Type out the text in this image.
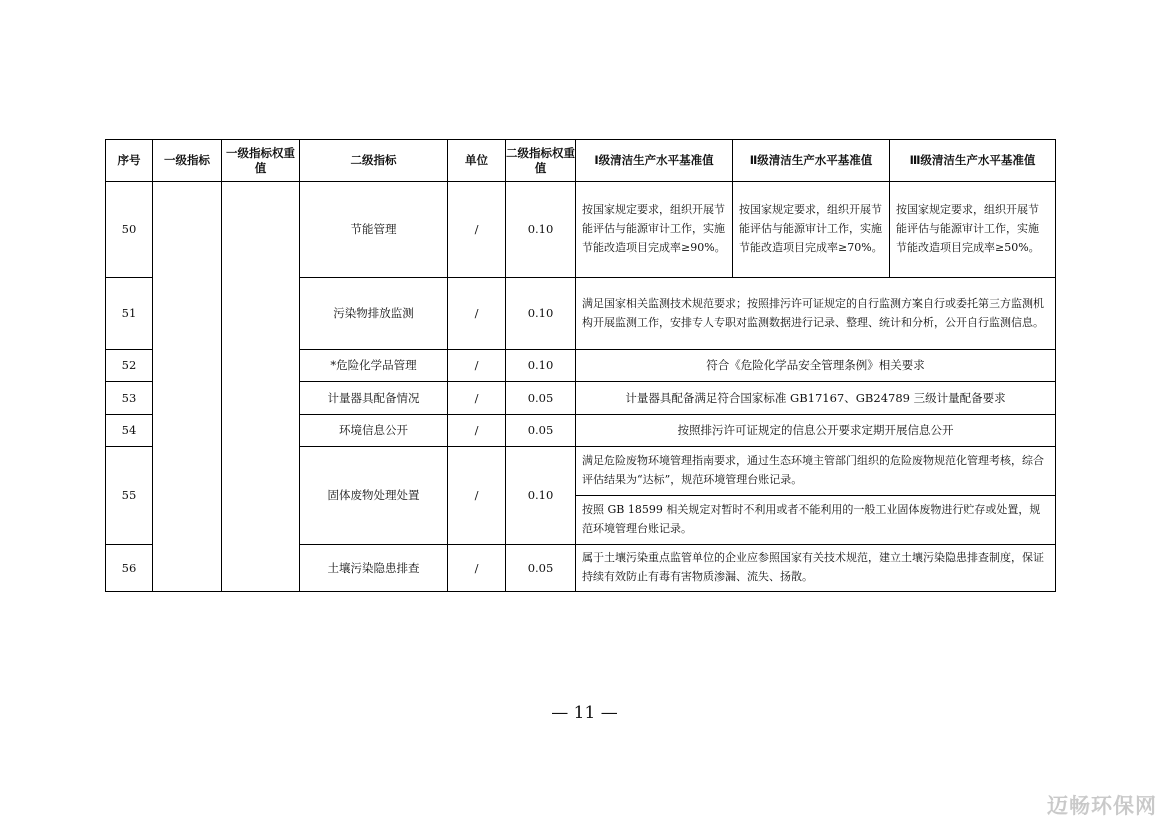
序号	一级指标	一级指标权重值	二级指标	单位	二级指标权重值	Ⅰ级清洁生产水平基准值	Ⅱ级清洁生产水平基准值	Ⅲ级清洁生产水平基准值
50			节能管理	/	0.10	按国家规定要求，组织开展节能评估与能源审计工作，实施节能改造项目完成率≥90%。	按国家规定要求，组织开展节能评估与能源审计工作，实施节能改造项目完成率≥70%。	按国家规定要求，组织开展节能评估与能源审计工作，实施节能改造项目完成率≥50%。
51			污染物排放监测	/	0.10	满足国家相关监测技术规范要求；按照排污许可证规定的自行监测方案自行或委托第三方监测机构开展监测工作，安排专人专职对监测数据进行记录、整理、统计和分析，公开自行监测信息。		
52			*危险化学品管理	/	0.10	符合《危险化学品安全管理条例》相关要求		
53			计量器具配备情况	/	0.05	计量器具配备满足符合国家标准 GB17167、GB24789 三级计量配备要求		
54			环境信息公开	/	0.05	按照排污许可证规定的信息公开要求定期开展信息公开		
55			固体废物处理处置	/	0.10	满足危险废物环境管理指南要求，通过生态环境主管部门组织的危险废物规范化管理考核，综合评估结果为“达标”，规范环境管理台账记录。		
						按照 GB 18599 相关规定对暂时不利用或者不能利用的一般工业固体废物进行贮存或处置，规范环境管理台账记录。		
56			土壤污染隐患排查	/	0.05	属于土壤污染重点监管单位的企业应参照国家有关技术规范，建立土壤污染隐患排查制度，保证持续有效防止有毒有害物质渗漏、流失、扬散。		
— 11 —
迈畅环保网
